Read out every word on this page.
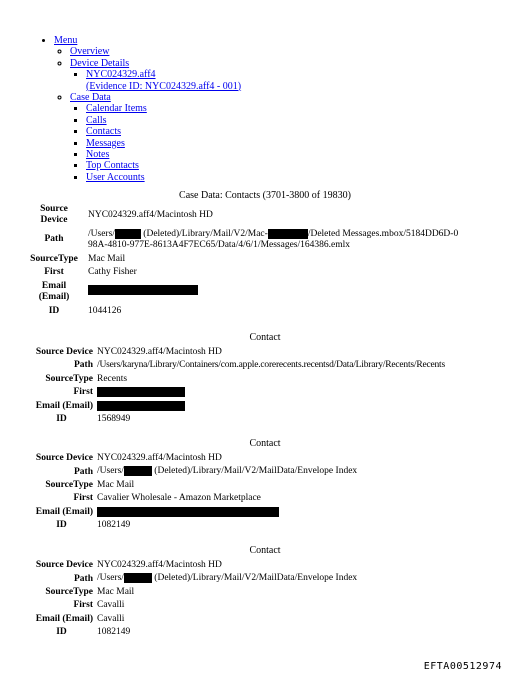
• Menu
◦ Overview
◦ Device Details
▪ NYC024329.aff4
(Evidence ID: NYC024329.aff4 - 001)
◦ Case Data
▪ Calendar Items
▪ Calls
▪ Contacts
▪ Messages
▪ Notes
▪ Top Contacts
▪ User Accounts
Case Data: Contacts (3701-3800 of 19830)
Source
Device	NYC024329.aff4/Macintosh HD
Path	/Users/ (Deleted)/Library/Mail/V2/Mac- /Deleted Messages.mbox/5184DD6D-0
98A-4810-977E-8613A4F7EC65/Data/4/6/1/Messages/164386.emlx
SourceType	Mac Mail
First	Cathy Fisher
Email
(Email)	
ID	1044126
Contact
Source Device	NYC024329.aff4/Macintosh HD
Path	/Users/karyna/Library/Containers/com.apple.corerecents.recentsd/Data/Library/Recents/Recents
SourceType	Recents
First	
Email (Email)	
ID	1568949
Contact
Source Device	NYC024329.aff4/Macintosh HD
Path	/Users/ (Deleted)/Library/Mail/V2/MailData/Envelope Index
SourceType	Mac Mail
First	Cavalier Wholesale - Amazon Marketplace
Email (Email)	
ID	1082149
Contact
Source Device	NYC024329.aff4/Macintosh HD
Path	/Users/ (Deleted)/Library/Mail/V2/MailData/Envelope Index
SourceType	Mac Mail
First	Cavalli
Email (Email)	Cavalli
ID	1082149
EFTA00512974
